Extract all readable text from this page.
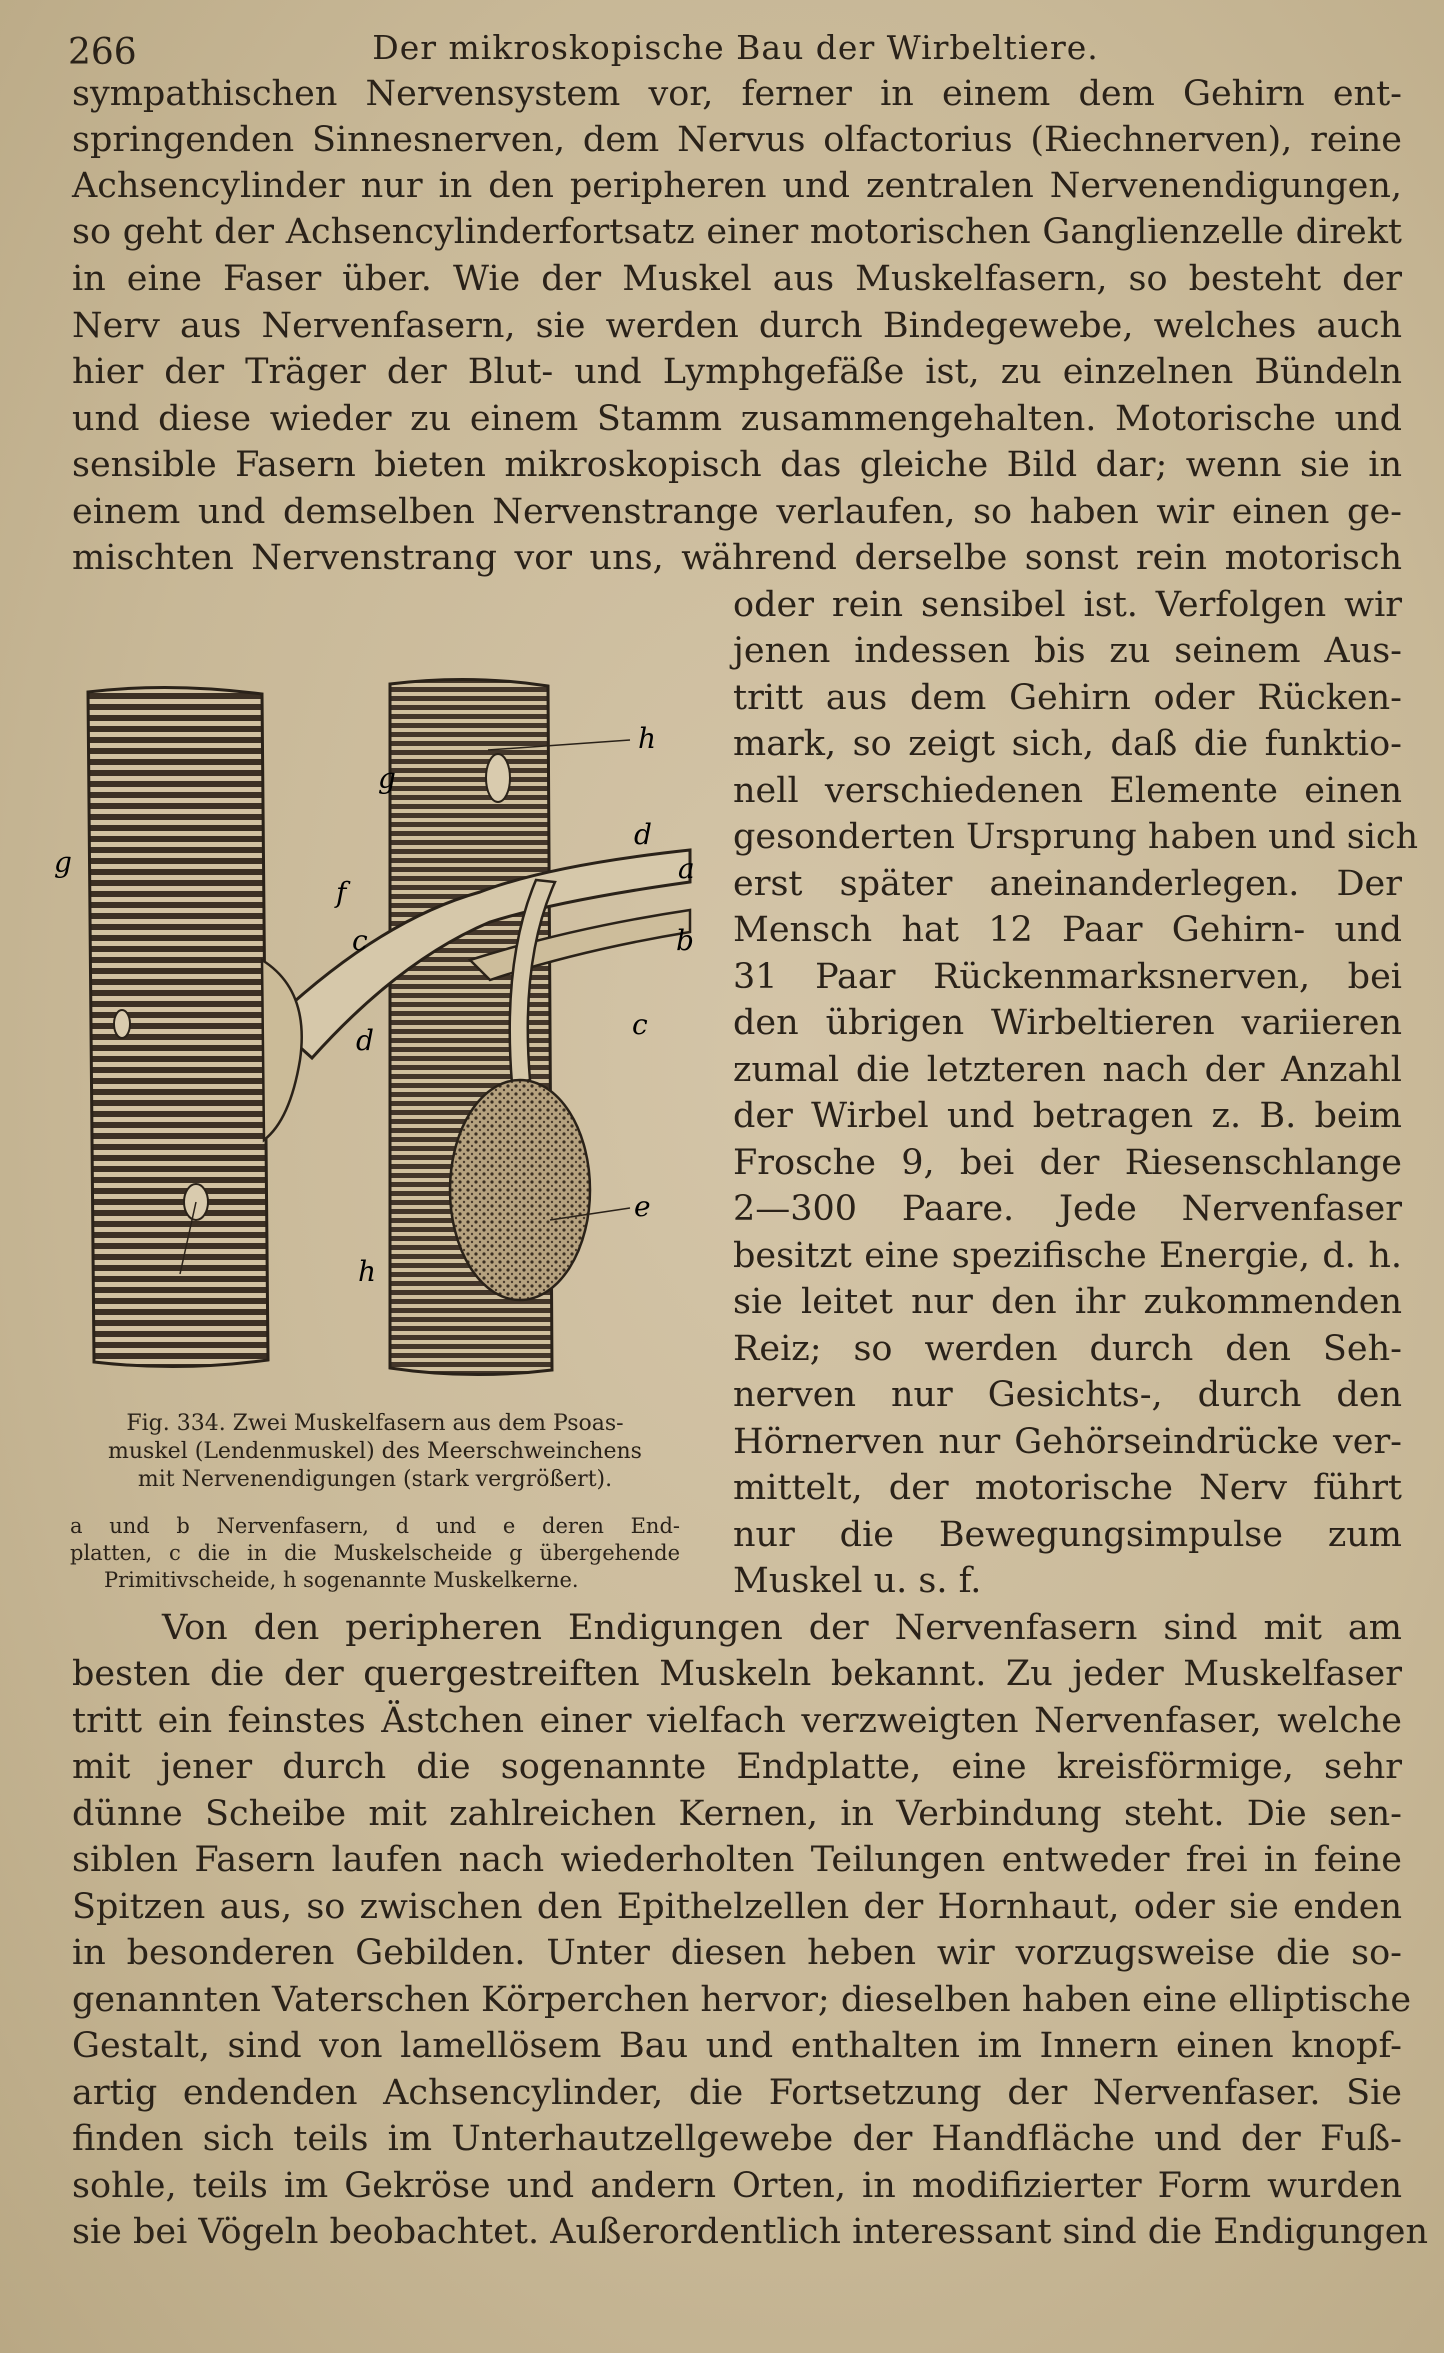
266	Der mikroskopische Bau der Wirbeltiere.
sympathischen Nervensystem vor, ferner in einem dem Gehirn ent-
springenden Sinnesnerven, dem Nervus olfactorius (Riechnerven), reine
Achsencylinder nur in den peripheren und zentralen Nervenendigungen,
so geht der Achsencylinderfortsatz einer motorischen Ganglienzelle direkt
in eine Faser über. Wie der Muskel aus Muskelfasern, so besteht der
Nerv aus Nervenfasern, sie werden durch Bindegewebe, welches auch
hier der Träger der Blut- und Lymphgefäße ist, zu einzelnen Bündeln
und diese wieder zu einem Stamm zusammengehalten. Motorische und
sensible Fasern bieten mikroskopisch das gleiche Bild dar; wenn sie in
einem und demselben Nervenstrange verlaufen, so haben wir einen ge-
mischten Nervenstrang vor uns, während derselbe sonst rein motorisch
oder rein sensibel ist. Verfolgen wir
jenen indessen bis zu seinem Aus-
tritt aus dem Gehirn oder Rücken-
mark, so zeigt sich, daß die funktio-
nell verschiedenen Elemente einen
gesonderten Ursprung haben und sich
erst später aneinanderlegen. Der
Mensch hat 12 Paar Gehirn- und
31 Paar Rückenmarksnerven, bei
den übrigen Wirbeltieren variieren
zumal die letzteren nach der Anzahl
der Wirbel und betragen z. B. beim
Frosche 9, bei der Riesenschlange
2—300 Paare. Jede Nervenfaser
besitzt eine spezifische Energie, d. h.
sie leitet nur den ihr zukommenden
Reiz; so werden durch den Seh-
nerven nur Gesichts-, durch den
Hörnerven nur Gehörseindrücke ver-
mittelt, der motorische Nerv führt
nur die Bewegungsimpulse zum
Muskel u. s. f.
g
g
h
h
f
c
c
d
d
a
b
e
Fig. 334. Zwei Muskelfasern aus dem Psoas-
muskel (Lendenmuskel) des Meerschweinchens
mit Nervenendigungen (stark vergrößert).
a und b Nervenfasern, d und e deren End-
platten, c die in die Muskelscheide g übergehende
Primitivscheide, h sogenannte Muskelkerne.
Von den peripheren Endigungen der Nervenfasern sind mit am
besten die der quergestreiften Muskeln bekannt. Zu jeder Muskelfaser
tritt ein feinstes Ästchen einer vielfach verzweigten Nervenfaser, welche
mit jener durch die sogenannte Endplatte, eine kreisförmige, sehr
dünne Scheibe mit zahlreichen Kernen, in Verbindung steht. Die sen-
siblen Fasern laufen nach wiederholten Teilungen entweder frei in feine
Spitzen aus, so zwischen den Epithelzellen der Hornhaut, oder sie enden
in besonderen Gebilden. Unter diesen heben wir vorzugsweise die so-
genannten Vaterschen Körperchen hervor; dieselben haben eine elliptische
Gestalt, sind von lamellösem Bau und enthalten im Innern einen knopf-
artig endenden Achsencylinder, die Fortsetzung der Nervenfaser. Sie
finden sich teils im Unterhautzellgewebe der Handfläche und der Fuß-
sohle, teils im Gekröse und andern Orten, in modifizierter Form wurden
sie bei Vögeln beobachtet. Außerordentlich interessant sind die Endigungen
